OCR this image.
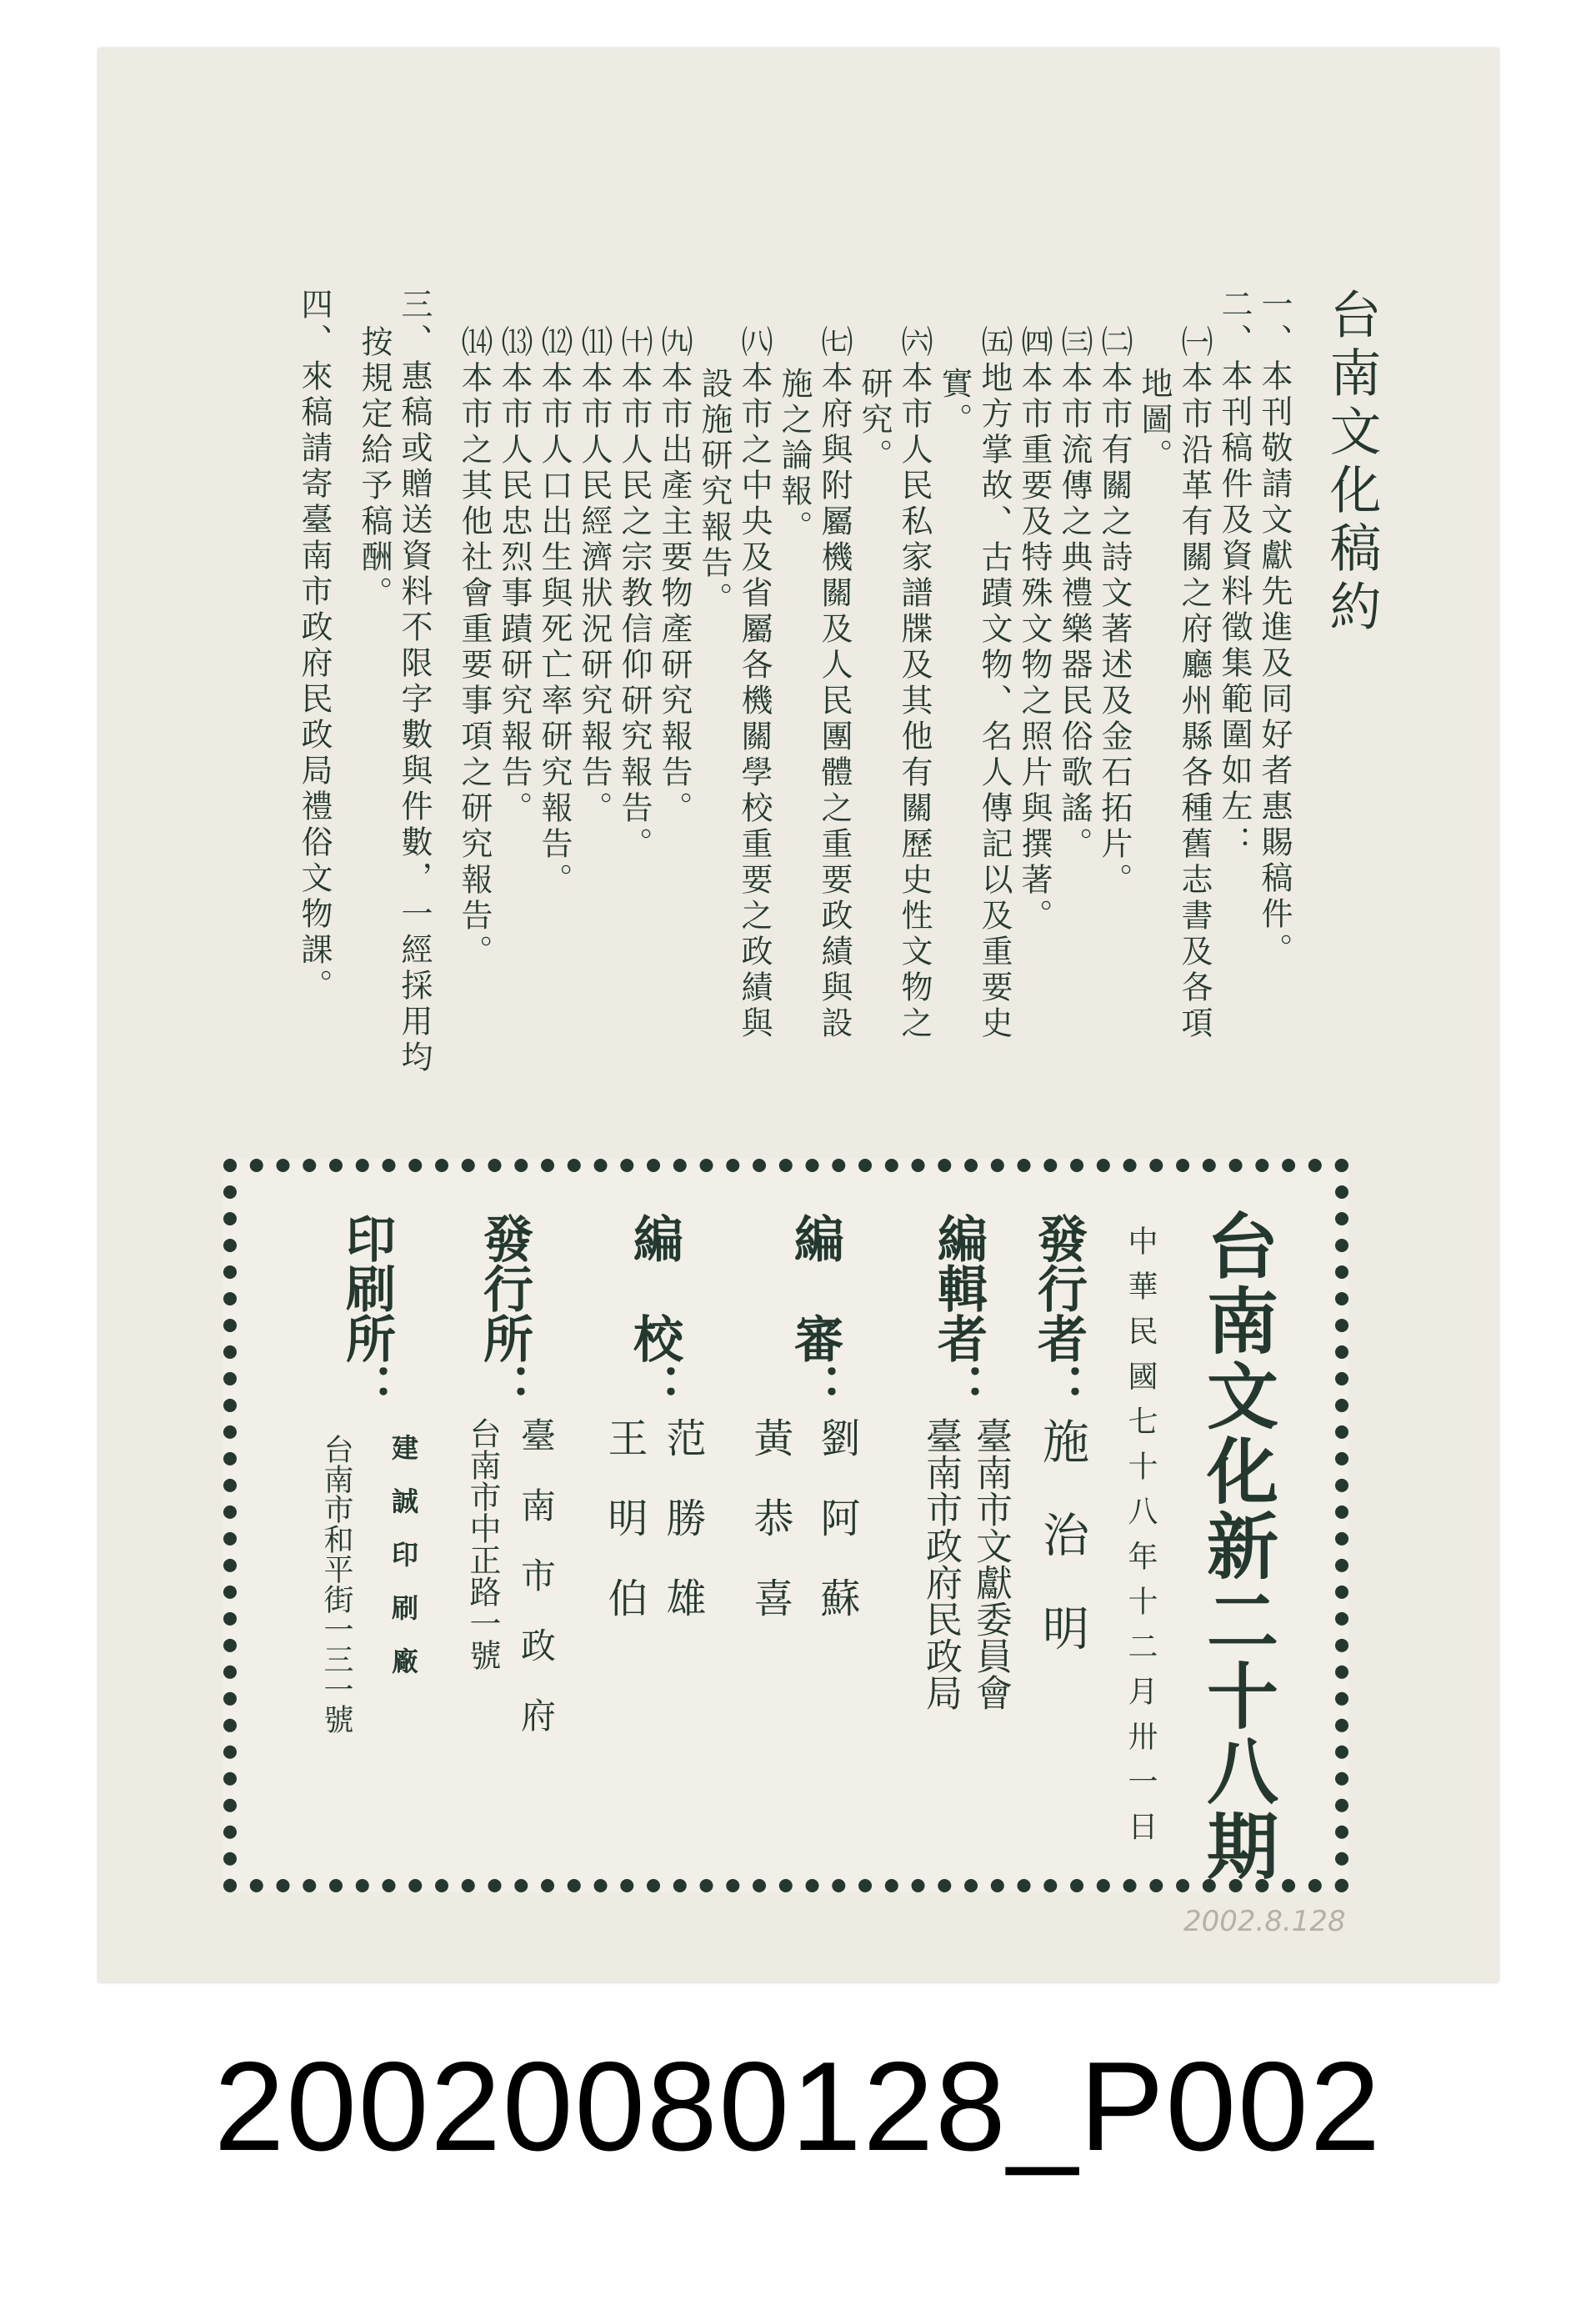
台南文化稿約
一、本刊敬請文獻先進及同好者惠賜稿件。
二、本刊稿件及資料徵集範圍如左：
㈠本市沿革有關之府廳州縣各種舊志書及各項
地圖。
㈡本市有關之詩文著述及金石拓片。
㈢本市流傳之典禮樂器民俗歌謠。
㈣本市重要及特殊文物之照片與撰著。
㈤地方掌故、古蹟文物、名人傳記以及重要史
實。
㈥本市人民私家譜牒及其他有關歷史性文物之
研究。
㈦本府與附屬機關及人民團體之重要政績與設
施之論報。
㈧本市之中央及省屬各機關學校重要之政績與
設施研究報告。
㈨本市出產主要物產研究報告。
㈩本市人民之宗教信仰研究報告。
⑾本市人民經濟狀況研究報告。
⑿本市人口出生與死亡率研究報告。
⒀本市人民忠烈事蹟研究報告。
⒁本市之其他社會重要事項之研究報告。
三、惠稿或贈送資料不限字數與件數，一經採用均
按規定給予稿酬。
四、來稿請寄臺南市政府民政局禮俗文物課。
台南文化新二十八期
中華民國七十八年十二月卅一日
發行者：
施　治　明
編輯者：
臺南市文獻委員會
臺南市政府民政局
編　審：
劉　阿　蘇
黃　恭　喜
編　校：
范　勝　雄
王　明　伯
發行所：
臺　南　市　政　府
台南市中正路一號
印刷所：
建　誠　印　刷　廠
台南市和平街一三一號
2002.8.128
20020080128_P002
